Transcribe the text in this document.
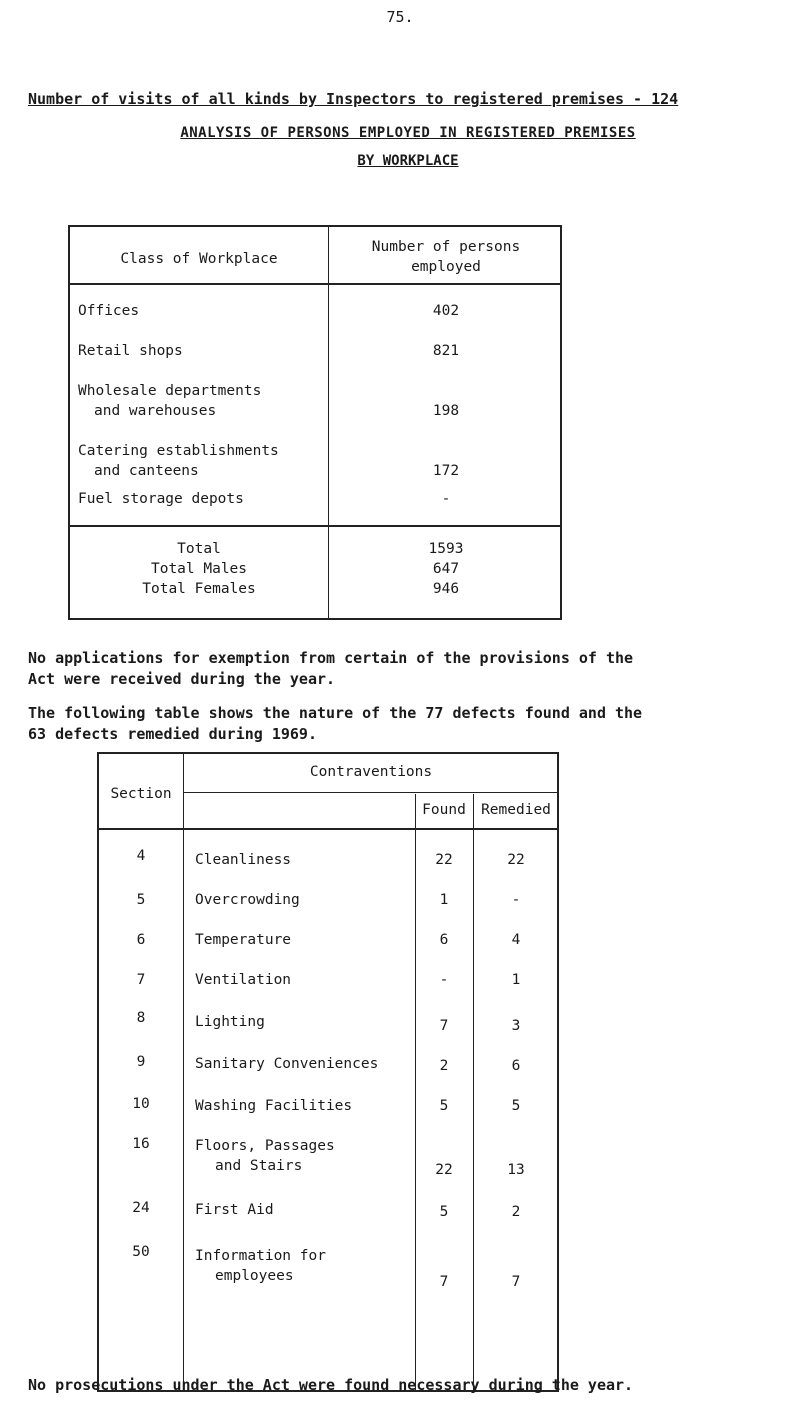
75.
Number of visits of all kinds by Inspectors to registered premises - 124
ANALYSIS OF PERSONS EMPLOYED IN REGISTERED PREMISES
BY WORKPLACE
Class of Workplace
Number of persons
employed
Offices	402
Retail shops	821
Wholesale departments
and warehouses	198
Catering establishments
and canteens	172
Fuel storage depots	-
Total	1593
Total Males	647
Total Females	946
No applications for exemption from certain of the provisions of the
Act were received during the year.
The following table shows the nature of the 77 defects found and the
63 defects remedied during 1969.
Section
Contraventions
Found	Remedied
4	Cleanliness	22	22
5	Overcrowding	1	-
6	Temperature	6	4
7	Ventilation	-	1
8	Lighting	7	3
9	Sanitary Conveniences	2	6
10	Washing Facilities	5	5
16	Floors, Passages
and Stairs	22	13
24	First Aid	5	2
50	Information for
employees	7	7
No prosecutions under the Act were found necessary during the year.
